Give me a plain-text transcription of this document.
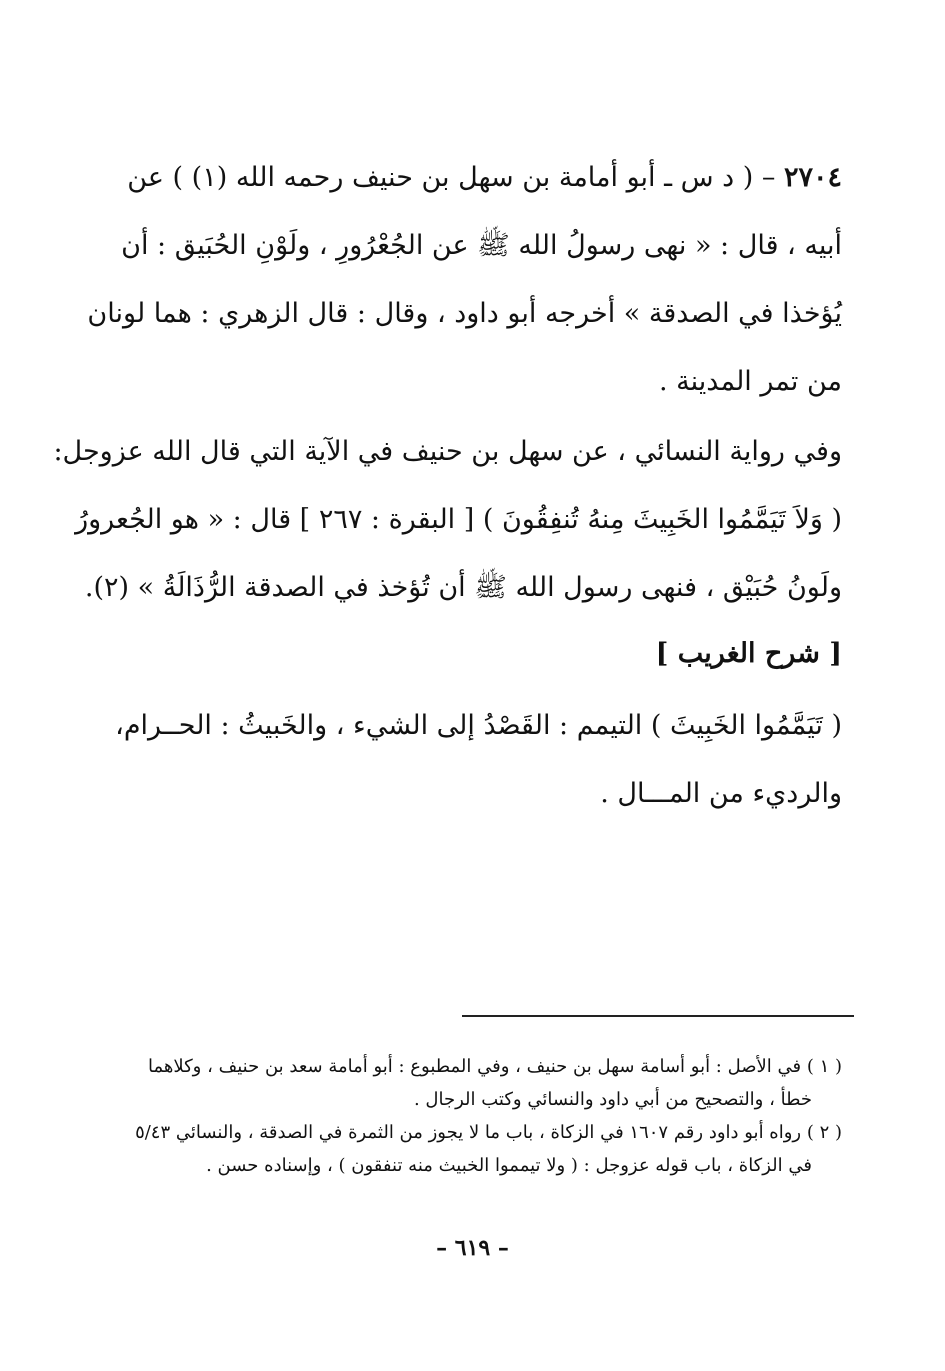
٢٧٠٤ – ( د س ـ أبو أمامة بن سهل بن حنيف رحمه الله (١) ) عن
أبيه ، قال : « نهى رسولُ الله ﷺ عن الجُعْرُورِ ، ولَوْنِ الحُبَيق : أن
يُؤخذا في الصدقة » أخرجه أبو داود ، وقال : قال الزهري : هما لونان
من تمر المدينة .
وفي رواية النسائي ، عن سهل بن حنيف في الآية التي قال الله عزوجل:
( وَلاَ تَيَمَّمُوا الخَبِيثَ مِنهُ تُنفِقُونَ ) [ البقرة : ٢٦٧ ] قال : « هو الجُعرورُ
ولَونُ حُبَيْق ، فنهى رسول الله ﷺ أن تُؤخذ في الصدقة الرُّذَالَةُ » (٢).
[ شرح الغريب ]
( تَيَمَّمُوا الخَبِيثَ ) التيمم : القَصْدُ إلى الشيء ، والخَبيثُ : الحــرام،
والرديء من المـــال .
( ١ ) في الأصل : أبو أسامة سهل بن حنيف ، وفي المطبوع : أبو أمامة سعد بن حنيف ، وكلاهما
خطأ ، والتصحيح من أبي داود والنسائي وكتب الرجال .
( ٢ ) رواه أبو داود رقم ١٦٠٧ في الزكاة ، باب ما لا يجوز من الثمرة في الصدقة ، والنسائي ٥/٤٣
في الزكاة ، باب قوله عزوجل : ( ولا تيمموا الخبيث منه تنفقون ) ، وإسناده حسن .
– ٦١٩ –
